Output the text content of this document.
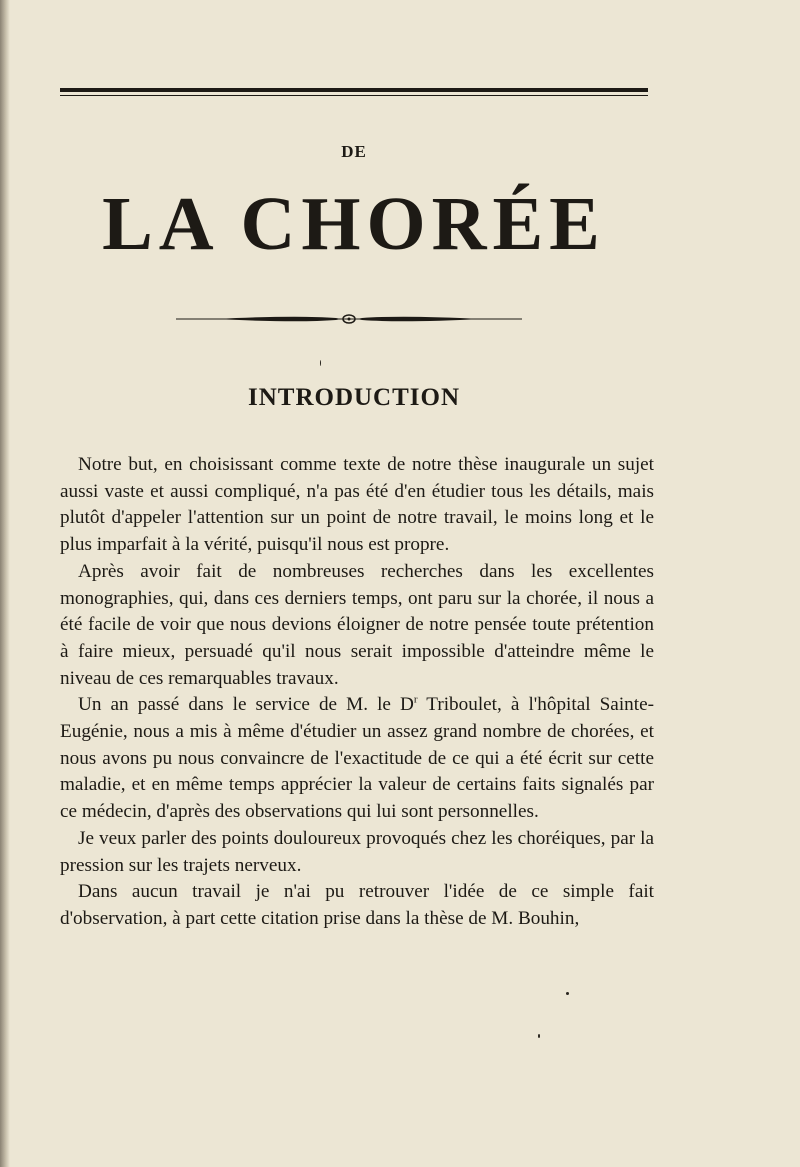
DE
LA CHORÉE
INTRODUCTION

Notre but, en choisissant comme texte de notre thèse inaugurale un sujet aussi vaste et aussi compliqué, n'a pas été d'en étudier tous les détails, mais plutôt d'appeler l'attention sur un point de notre travail, le moins long et le plus imparfait à la vérité, puisqu'il nous est propre.

Après avoir fait de nombreuses recherches dans les excellentes monographies, qui, dans ces derniers temps, ont paru sur la chorée, il nous a été facile de voir que nous devions éloigner de notre pensée toute prétention à faire mieux, persuadé qu'il nous serait impossible d'atteindre même le niveau de ces remarquables travaux.

Un an passé dans le service de M. le $D^r$ Triboulet, à l'hôpital Sainte-Eugénie, nous a mis à même d'étudier un assez grand nombre de chorées, et nous avons pu nous convaincre de l'exactitude de ce qui a été écrit sur cette maladie, et en même temps apprécier la valeur de certains faits signalés par ce médecin, d'après des observations qui lui sont personnelles.

Je veux parler des points douloureux provoqués chez les choréiques, par la pression sur les trajets nerveux.

Dans aucun travail je n'ai pu retrouver l'idée de ce simple fait d'observation, à part cette citation prise dans la thèse de M. Bouhin,
